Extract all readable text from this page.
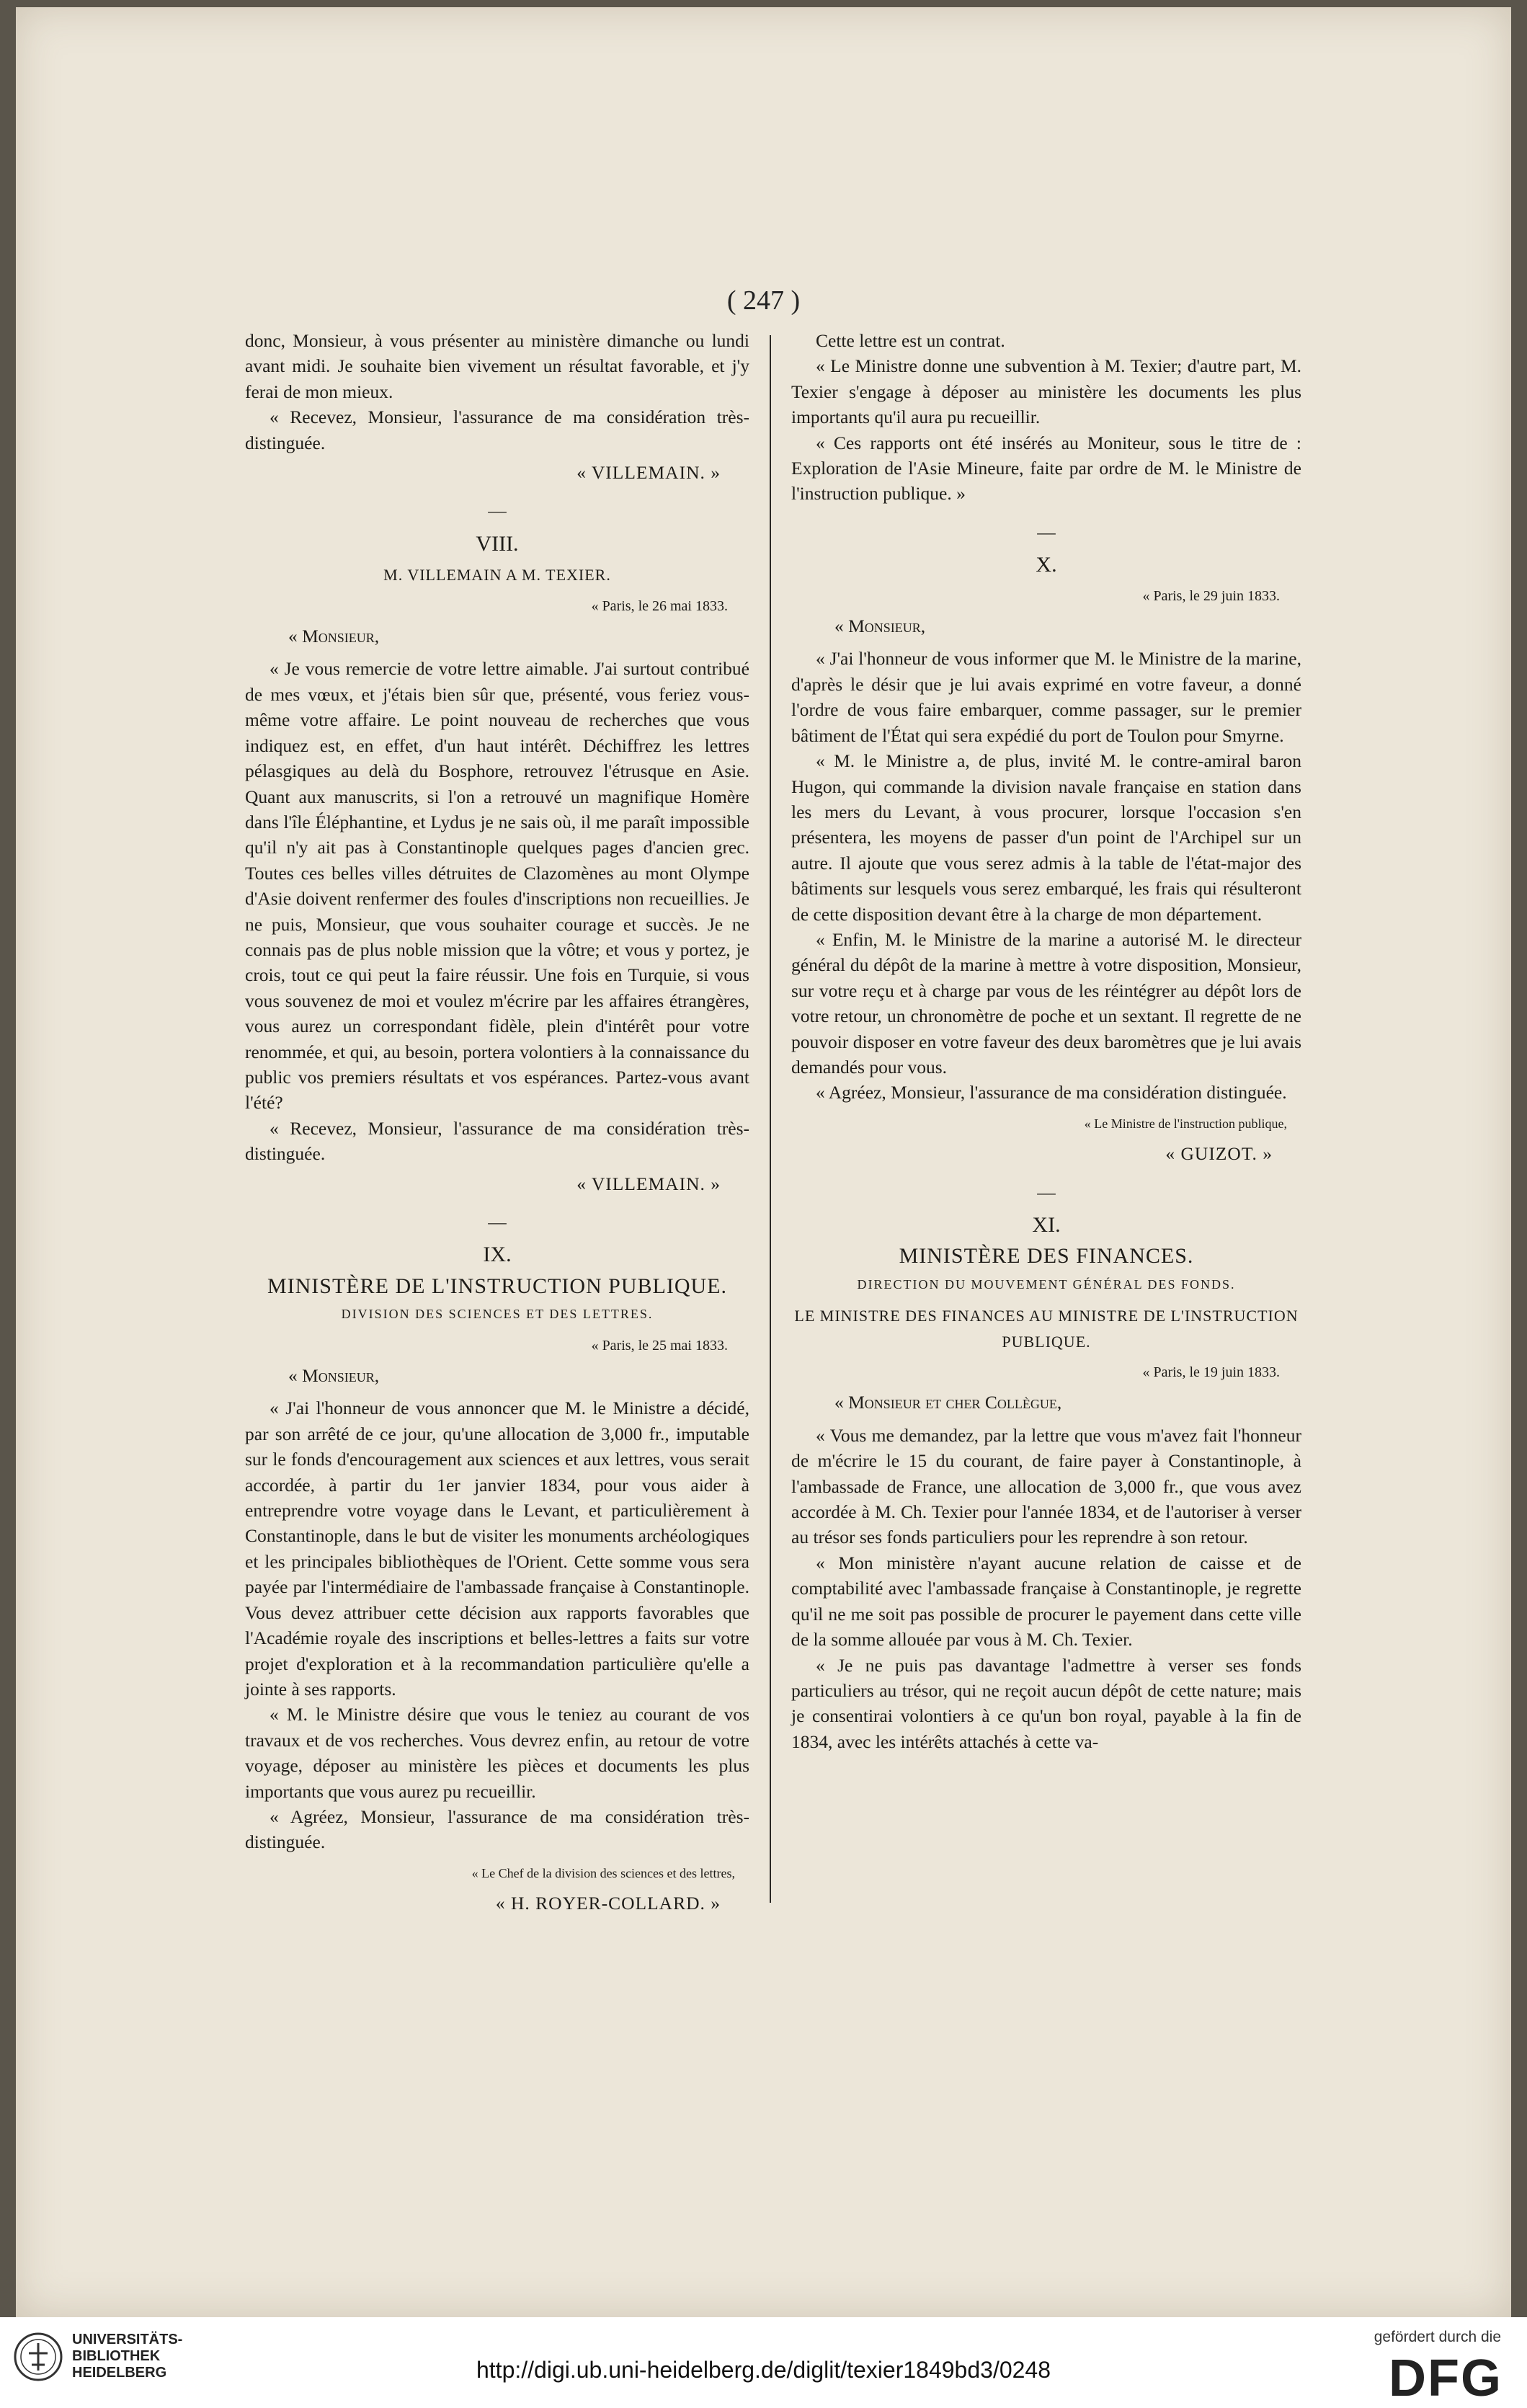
( 247 )

donc, Monsieur, à vous présenter au ministère dimanche ou lundi avant midi. Je souhaite bien vivement un résultat favorable, et j'y ferai de mon mieux.

« Recevez, Monsieur, l'assurance de ma considération très-distinguée.

« VILLEMAIN. »
—
VIII.
M. VILLEMAIN A M. TEXIER.
« Paris, le 26 mai 1833.
« Monsieur,

« Je vous remercie de votre lettre aimable. J'ai surtout contribué de mes vœux, et j'étais bien sûr que, présenté, vous feriez vous-même votre affaire. Le point nouveau de recherches que vous indiquez est, en effet, d'un haut intérêt. Déchiffrez les lettres pélasgiques au delà du Bosphore, retrouvez l'étrusque en Asie. Quant aux manuscrits, si l'on a retrouvé un magnifique Homère dans l'île Éléphantine, et Lydus je ne sais où, il me paraît impossible qu'il n'y ait pas à Constantinople quelques pages d'ancien grec. Toutes ces belles villes détruites de Clazomènes au mont Olympe d'Asie doivent renfermer des foules d'inscriptions non recueillies. Je ne puis, Monsieur, que vous souhaiter courage et succès. Je ne connais pas de plus noble mission que la vôtre; et vous y portez, je crois, tout ce qui peut la faire réussir. Une fois en Turquie, si vous vous souvenez de moi et voulez m'écrire par les affaires étrangères, vous aurez un correspondant fidèle, plein d'intérêt pour votre renommée, et qui, au besoin, portera volontiers à la connaissance du public vos premiers résultats et vos espérances. Partez-vous avant l'été?

« Recevez, Monsieur, l'assurance de ma considération très-distinguée.

« VILLEMAIN. »
—
IX.
MINISTÈRE DE L'INSTRUCTION PUBLIQUE.
DIVISION DES SCIENCES ET DES LETTRES.
« Paris, le 25 mai 1833.
« Monsieur,

« J'ai l'honneur de vous annoncer que M. le Ministre a décidé, par son arrêté de ce jour, qu'une allocation de 3,000 fr., imputable sur le fonds d'encouragement aux sciences et aux lettres, vous serait accordée, à partir du 1er janvier 1834, pour vous aider à entreprendre votre voyage dans le Levant, et particulièrement à Constantinople, dans le but de visiter les monuments archéologiques et les principales bibliothèques de l'Orient. Cette somme vous sera payée par l'intermédiaire de l'ambassade française à Constantinople. Vous devez attribuer cette décision aux rapports favorables que l'Académie royale des inscriptions et belles-lettres a faits sur votre projet d'exploration et à la recommandation particulière qu'elle a jointe à ses rapports.

« M. le Ministre désire que vous le teniez au courant de vos travaux et de vos recherches. Vous devrez enfin, au retour de votre voyage, déposer au ministère les pièces et documents les plus importants que vous aurez pu recueillir.

« Agréez, Monsieur, l'assurance de ma considération très-distinguée.

« Le Chef de la division des sciences et des lettres,
« H. ROYER-COLLARD. »

Cette lettre est un contrat.

« Le Ministre donne une subvention à M. Texier; d'autre part, M. Texier s'engage à déposer au ministère les documents les plus importants qu'il aura pu recueillir.

« Ces rapports ont été insérés au Moniteur, sous le titre de : Exploration de l'Asie Mineure, faite par ordre de M. le Ministre de l'instruction publique. »

—
X.
« Paris, le 29 juin 1833.
« Monsieur,

« J'ai l'honneur de vous informer que M. le Ministre de la marine, d'après le désir que je lui avais exprimé en votre faveur, a donné l'ordre de vous faire embarquer, comme passager, sur le premier bâtiment de l'État qui sera expédié du port de Toulon pour Smyrne.

« M. le Ministre a, de plus, invité M. le contre-amiral baron Hugon, qui commande la division navale française en station dans les mers du Levant, à vous procurer, lorsque l'occasion s'en présentera, les moyens de passer d'un point de l'Archipel sur un autre. Il ajoute que vous serez admis à la table de l'état-major des bâtiments sur lesquels vous serez embarqué, les frais qui résulteront de cette disposition devant être à la charge de mon département.

« Enfin, M. le Ministre de la marine a autorisé M. le directeur général du dépôt de la marine à mettre à votre disposition, Monsieur, sur votre reçu et à charge par vous de les réintégrer au dépôt lors de votre retour, un chronomètre de poche et un sextant. Il regrette de ne pouvoir disposer en votre faveur des deux baromètres que je lui avais demandés pour vous.

« Agréez, Monsieur, l'assurance de ma considération distinguée.

« Le Ministre de l'instruction publique,
« GUIZOT. »
—
XI.
MINISTÈRE DES FINANCES.
DIRECTION DU MOUVEMENT GÉNÉRAL DES FONDS.
LE MINISTRE DES FINANCES AU MINISTRE DE L'INSTRUCTION PUBLIQUE.
« Paris, le 19 juin 1833.
« Monsieur et cher Collègue,

« Vous me demandez, par la lettre que vous m'avez fait l'honneur de m'écrire le 15 du courant, de faire payer à Constantinople, à l'ambassade de France, une allocation de 3,000 fr., que vous avez accordée à M. Ch. Texier pour l'année 1834, et de l'autoriser à verser au trésor ses fonds particuliers pour les reprendre à son retour.

« Mon ministère n'ayant aucune relation de caisse et de comptabilité avec l'ambassade française à Constantinople, je regrette qu'il ne me soit pas possible de procurer le payement dans cette ville de la somme allouée par vous à M. Ch. Texier.

« Je ne puis pas davantage l'admettre à verser ses fonds particuliers au trésor, qui ne reçoit aucun dépôt de cette nature; mais je consentirai volontiers à ce qu'un bon royal, payable à la fin de 1834, avec les intérêts attachés à cette va-

UNIVERSITÄTS-
BIBLIOTHEK
HEIDELBERG	http://digi.ub.uni-heidelberg.de/diglit/texier1849bd3/0248
gefördert durch die
DFG
